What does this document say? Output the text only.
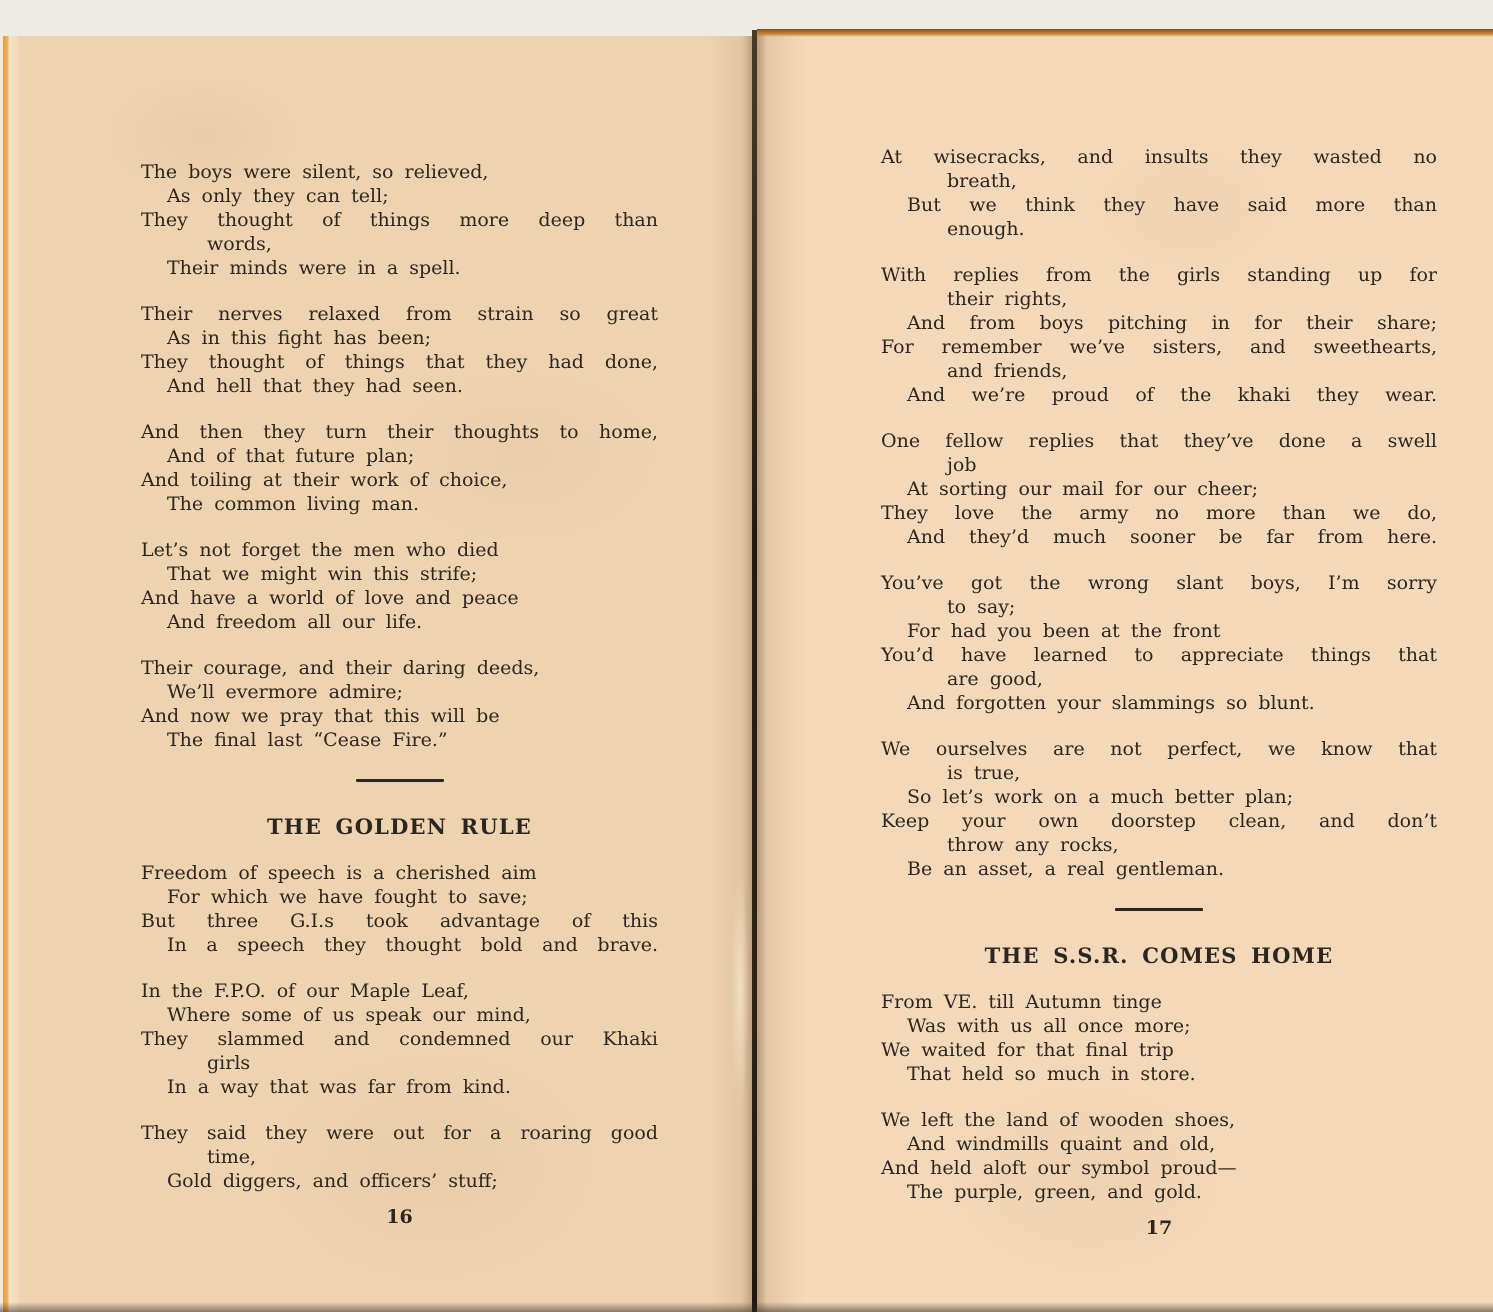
The boys were silent, so relieved,
As only they can tell;
They thought of things more deep than
words,
Their minds were in a spell.
Their nerves relaxed from strain so great
As in this fight has been;
They thought of things that they had done,
And hell that they had seen.
And then they turn their thoughts to home,
And of that future plan;
And toiling at their work of choice,
The common living man.
Let’s not forget the men who died
That we might win this strife;
And have a world of love and peace
And freedom all our life.
Their courage, and their daring deeds,
We’ll evermore admire;
And now we pray that this will be
The final last “Cease Fire.”
THE GOLDEN RULE
Freedom of speech is a cherished aim
For which we have fought to save;
But three G.I.s took advantage of this
In a speech they thought bold and brave.
In the F.P.O. of our Maple Leaf,
Where some of us speak our mind,
They slammed and condemned our Khaki
girls
In a way that was far from kind.
They said they were out for a roaring good
time,
Gold diggers, and officers’ stuff;
16
At wisecracks, and insults they wasted no
breath,
But we think they have said more than
enough.
With replies from the girls standing up for
their rights,
And from boys pitching in for their share;
For remember we’ve sisters, and sweethearts,
and friends,
And we’re proud of the khaki they wear.
One fellow replies that they’ve done a swell
job
At sorting our mail for our cheer;
They love the army no more than we do,
And they’d much sooner be far from here.
You’ve got the wrong slant boys, I’m sorry
to say;
For had you been at the front
You’d have learned to appreciate things that
are good,
And forgotten your slammings so blunt.
We ourselves are not perfect, we know that
is true,
So let’s work on a much better plan;
Keep your own doorstep clean, and don’t
throw any rocks,
Be an asset, a real gentleman.
THE S.S.R. COMES HOME
From VE. till Autumn tinge
Was with us all once more;
We waited for that final trip
That held so much in store.
We left the land of wooden shoes,
And windmills quaint and old,
And held aloft our symbol proud—
The purple, green, and gold.
17
